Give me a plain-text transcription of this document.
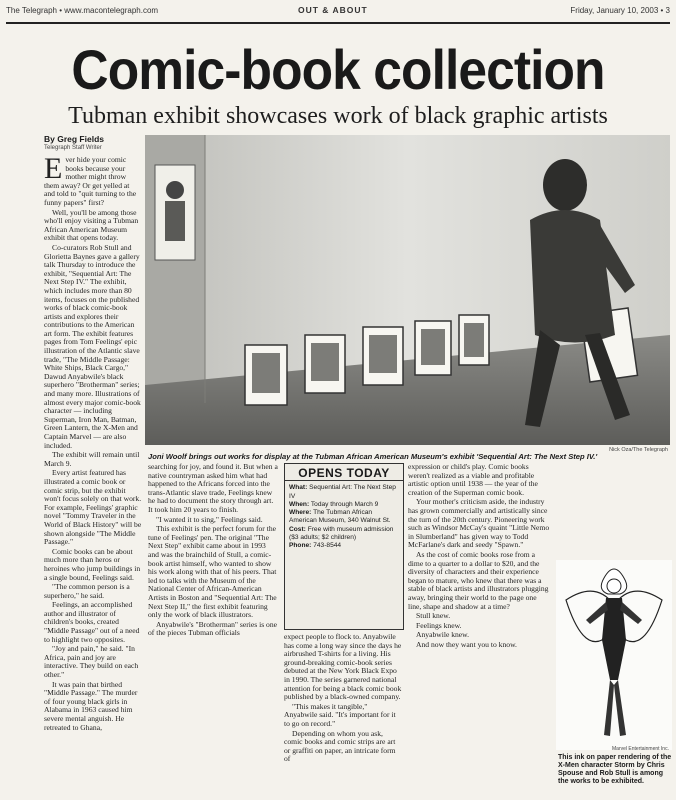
The Telegraph • www.macontelegraph.com	OUT & ABOUT	Friday, January 10, 2003 • 3
Comic-book collection
Tubman exhibit showcases work of black graphic artists
By Greg Fields
Telegraph Staff Writer
Nick Oza/The Telegraph
Joni Woolf brings out works for display at the Tubman African American Museum's exhibit 'Sequential Art: The Next Step IV.'
E ver hide your comic books because your mother might throw them away? Or get yelled at and told to "quit turning to the funny papers" first?

Well, you'll be among those who'll enjoy visiting a Tubman African American Museum exhibit that opens today.

Co-curators Rob Stull and Glorietta Baynes gave a gallery talk Thursday to introduce the exhibit, "Sequential Art: The Next Step IV." The exhibit, which includes more than 80 items, focuses on the published works of black comic-book artists and explores their contributions to the American art form. The exhibit features pages from Tom Feelings' epic illustration of the Atlantic slave trade, "The Middle Passage: White Ships, Black Cargo," Dawud Anyabwile's black superhero "Brotherman" series; and many more. Illustrations of almost every major comic-book character — including Superman, Iron Man, Batman, Green Lantern, the X-Men and Captain Marvel — are also included.

The exhibit will remain until March 9.

Every artist featured has illustrated a comic book or comic strip, but the exhibit won't focus solely on that work. For example, Feelings' graphic novel "Tommy Traveler in the World of Black History" will be shown alongside "The Middle Passage."

Comic books can be about much more than heros or heroines who jump buildings in a single bound, Feelings said.

"The common person is a superhero," he said.

Feelings, an accomplished author and illustrator of children's books, created "Middle Passage" out of a need to highlight two opposites.

"Joy and pain," he said. "In Africa, pain and joy are interactive. They build on each other."

It was pain that birthed "Middle Passage." The murder of four young black girls in Alabama in 1963 caused him severe mental anguish. He retreated to Ghana,

searching for joy, and found it. But when a native countryman asked him what had happened to the Africans forced into the trans-Atlantic slave trade, Feelings knew he had to document the story through art. It took him 20 years to finish.

"I wanted it to sing," Feelings said.

This exhibit is the perfect forum for the tune of Feelings' pen. The original "The Next Step" exhibit came about in 1993 and was the brainchild of Stull, a comic-book artist himself, who wanted to show his work along with that of his peers. That led to talks with the Museum of the National Center of African-American Artists in Boston and "Sequential Art: The Next Step II," the first exhibit featuring only the work of black illustrators.

Anyabwile's "Brotherman" series is one of the pieces Tubman officials

OPENS TODAY
What: Sequential Art: The Next Step IV
When: Today through March 9
Where: The Tubman African American Museum, 340 Walnut St.
Cost: Free with museum admission ($3 adults; $2 children)
Phone: 743-8544

expect people to flock to. Anyabwile has come a long way since the days he airbrushed T-shirts for a living. His ground-breaking comic-book series debuted at the New York Black Expo in 1990. The series garnered national attention for being a black comic book published by a black-owned company.

"This makes it tangible," Anyabwile said. "It's important for it to go on record."

Depending on whom you ask, comic books and comic strips are art or graffiti on paper, an intricate form of

expression or child's play. Comic books weren't realized as a viable and profitable artistic option until 1938 — the year of the creation of the Superman comic book.

Your mother's criticism aside, the industry has grown commercially and artistically since the turn of the 20th century. Pioneering work such as Windsor McCay's quaint "Little Nemo in Slumberland" has given way to Todd McFarlane's dark and seedy "Spawn."

As the cost of comic books rose from a dime to a quarter to a dollar to $20, and the diversity of characters and their experience began to mature, who knew that there was a stable of black artists and illustrators plugging away, bringing their world to the page one line, shape and shadow at a time?

Stull knew.

Feelings knew.

Anyabwile knew.

And now they want you to know.

Marvel Entertainment Inc.
This ink on paper rendering of the X-Men character Storm by Chris Spouse and Rob Stull is among the works to be exhibited.
